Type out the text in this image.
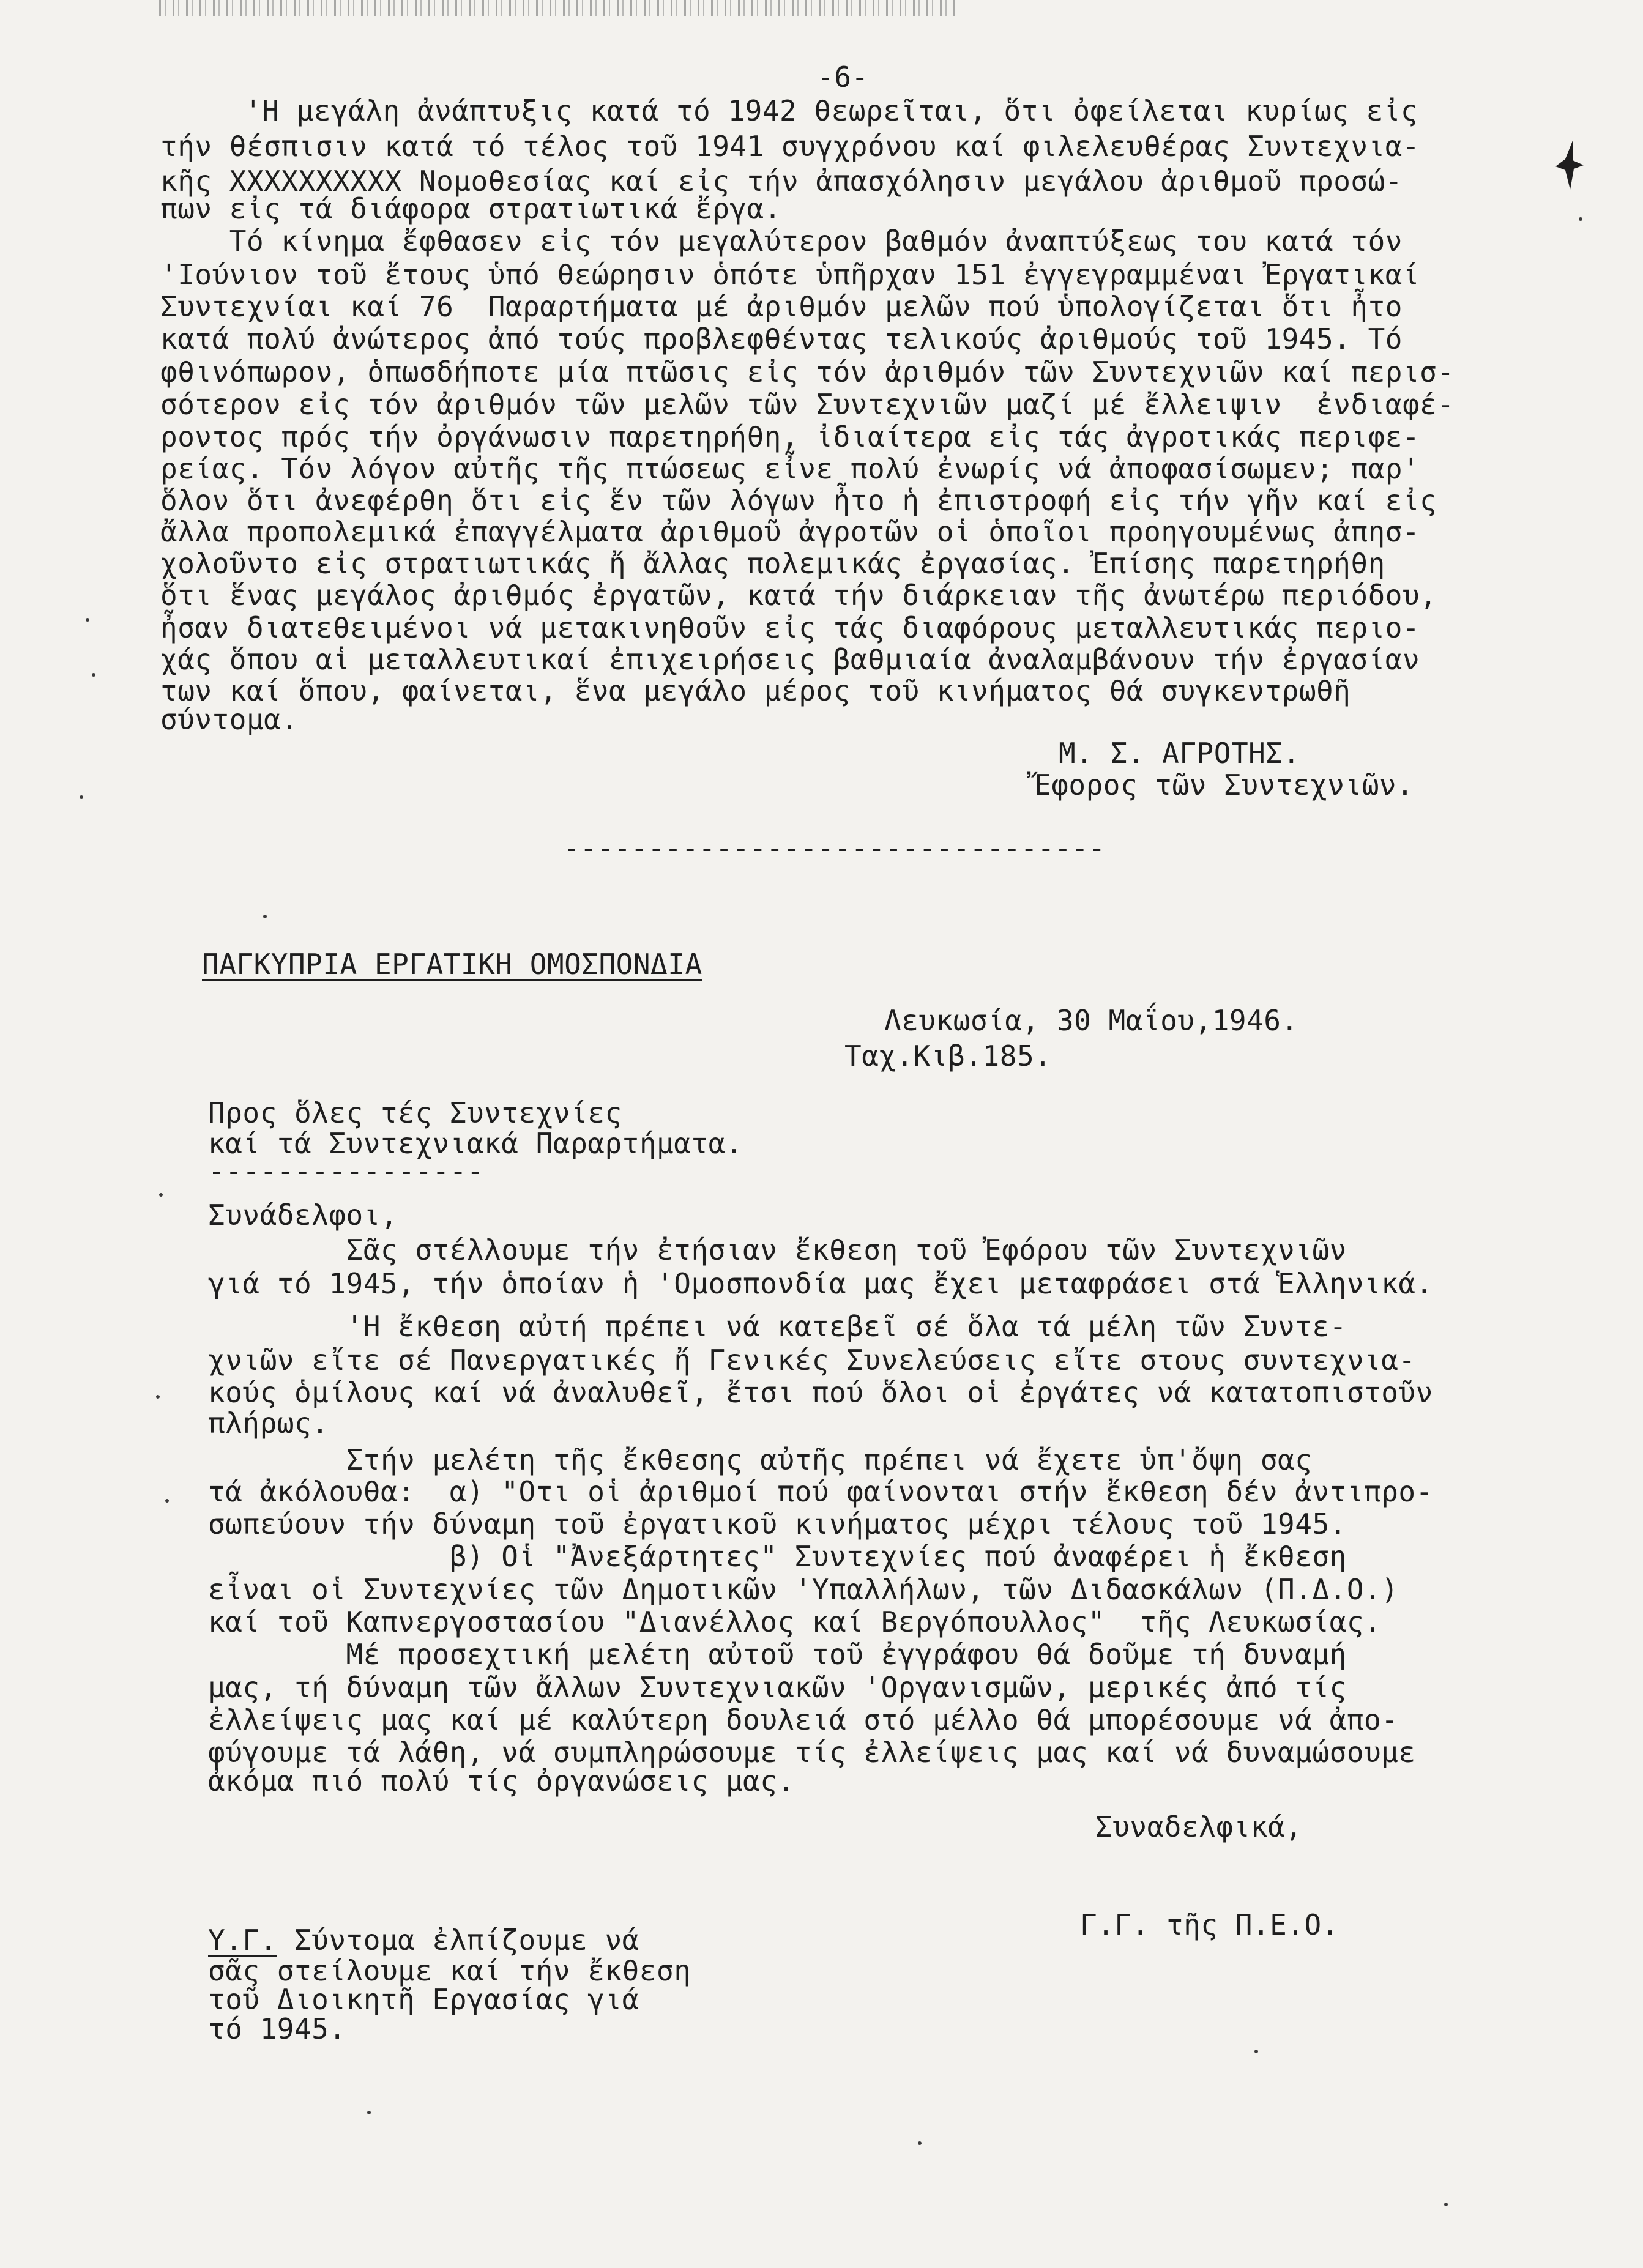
-6-
'Η μεγάλη ἀνάπτυξις κατά τό 1942 θεωρεῖται, ὅτι ὀφείλεται κυρίως εἰς
τήν θέσπισιν κατά τό τέλος τοῦ 1941 συγχρόνου καί φιλελευθέρας Συντεχνια-
κῆς ΧΧΧΧΧΧΧΧΧΧ Νομοθεσίας καί εἰς τήν ἀπασχόλησιν μεγάλου ἀριθμοῦ προσώ-
πων εἰς τά διάφορα στρατιωτικά ἔργα.
Τό κίνημα ἔφθασεν εἰς τόν μεγαλύτερον βαθμόν ἀναπτύξεως του κατά τόν
'Ιούνιον τοῦ ἔτους ὑπό θεώρησιν ὁπότε ὑπῆρχαν 151 ἐγγεγραμμέναι Ἐργατικαί
Συντεχνίαι καί 76  Παραρτήματα μέ ἀριθμόν μελῶν πού ὑπολογίζεται ὅτι ἦτο
κατά πολύ ἀνώτερος ἀπό τούς προβλεφθέντας τελικούς ἀριθμούς τοῦ 1945. Τό
φθινόπωρον, ὁπωσδήποτε μία πτῶσις εἰς τόν ἀριθμόν τῶν Συντεχνιῶν καί περισ-
σότερον εἰς τόν ἀριθμόν τῶν μελῶν τῶν Συντεχνιῶν μαζί μέ ἔλλειψιν  ἐνδιαφέ-
ροντος πρός τήν ὀργάνωσιν παρετηρήθη, ἰδιαίτερα εἰς τάς ἀγροτικάς περιφε-
ρείας. Τόν λόγον αὐτῆς τῆς πτώσεως εἶνε πολύ ἐνωρίς νά ἀποφασίσωμεν; παρ'
ὅλον ὅτι ἀνεφέρθη ὅτι εἰς ἕν τῶν λόγων ἦτο ἡ ἐπιστροφή εἰς τήν γῆν καί εἰς
ἄλλα προπολεμικά ἐπαγγέλματα ἀριθμοῦ ἀγροτῶν οἱ ὁποῖοι προηγουμένως ἀπησ-
χολοῦντο εἰς στρατιωτικάς ἤ ἄλλας πολεμικάς ἐργασίας. Ἐπίσης παρετηρήθη
ὅτι ἕνας μεγάλος ἀριθμός ἐργατῶν, κατά τήν διάρκειαν τῆς ἀνωτέρω περιόδου,
ἦσαν διατεθειμένοι νά μετακινηθοῦν εἰς τάς διαφόρους μεταλλευτικάς περιο-
χάς ὅπου αἱ μεταλλευτικαί ἐπιχειρήσεις βαθμιαία ἀναλαμβάνουν τήν ἐργασίαν
των καί ὅπου, φαίνεται, ἕνα μεγάλο μέρος τοῦ κινήματος θά συγκεντρωθῆ
σύντομα.
Μ. Σ. ΑΓΡΟΤΗΣ.
Ἔφορος τῶν Συντεχνιῶν.
--------------------------------
ΠΑΓΚΥΠΡΙΑ ΕΡΓΑΤΙΚΗ ΟΜΟΣΠΟΝΔΙΑ
Λευκωσία, 30 Μαΐου,1946.
Ταχ.Κιβ.185.
Προς ὅλες τές Συντεχνίες
καί τά Συντεχνιακά Παραρτήματα.
----------------
Συνάδελφοι,
Σᾶς στέλλουμε τήν ἐτήσιαν ἔκθεση τοῦ Ἐφόρου τῶν Συντεχνιῶν
γιά τό 1945, τήν ὁποίαν ἡ 'Ομοσπονδία μας ἔχει μεταφράσει στά Ἑλληνικά.
'Η ἔκθεση αὐτή πρέπει νά κατεβεῖ σέ ὅλα τά μέλη τῶν Συντε-
χνιῶν εἴτε σέ Πανεργατικές ἤ Γενικές Συνελεύσεις εἴτε στους συντεχνια-
κούς ὁμίλους καί νά ἀναλυθεῖ, ἔτσι πού ὅλοι οἱ ἐργάτες νά κατατοπιστοῦν
πλήρως.
Στήν μελέτη τῆς ἔκθεσης αὐτῆς πρέπει νά ἔχετε ὑπ'ὄψη σας
τά ἀκόλουθα:  α) "Οτι οἱ ἀριθμοί πού φαίνονται στήν ἔκθεση δέν ἀντιπρο-
σωπεύουν τήν δύναμη τοῦ ἐργατικοῦ κινήματος μέχρι τέλους τοῦ 1945.
β) Οἱ "Ἀνεξάρτητες" Συντεχνίες πού ἀναφέρει ἡ ἔκθεση
εἶναι οἱ Συντεχνίες τῶν Δημοτικῶν 'Υπαλλήλων, τῶν Διδασκάλων (Π.Δ.Ο.)
καί τοῦ Καπνεργοστασίου "Διανέλλος καί Βεργόπουλλος"  τῆς Λευκωσίας.
Μέ προσεχτική μελέτη αὐτοῦ τοῦ ἐγγράφου θά δοῦμε τή δυναμή
μας, τή δύναμη τῶν ἄλλων Συντεχνιακῶν 'Οργανισμῶν, μερικές ἀπό τίς
ἐλλείψεις μας καί μέ καλύτερη δουλειά στό μέλλο θά μπορέσουμε νά ἀπο-
φύγουμε τά λάθη, νά συμπληρώσουμε τίς ἐλλείψεις μας καί νά δυναμώσουμε
ἀκόμα πιό πολύ τίς ὀργανώσεις μας.
Συναδελφικά,
Γ.Γ. τῆς Π.Ε.Ο.
Υ.Γ. Σύντομα ἐλπίζουμε νά
σᾶς στείλουμε καί τήν ἔκθεση
τοῦ Διοικητῆ Εργασίας γιά
τό 1945.
